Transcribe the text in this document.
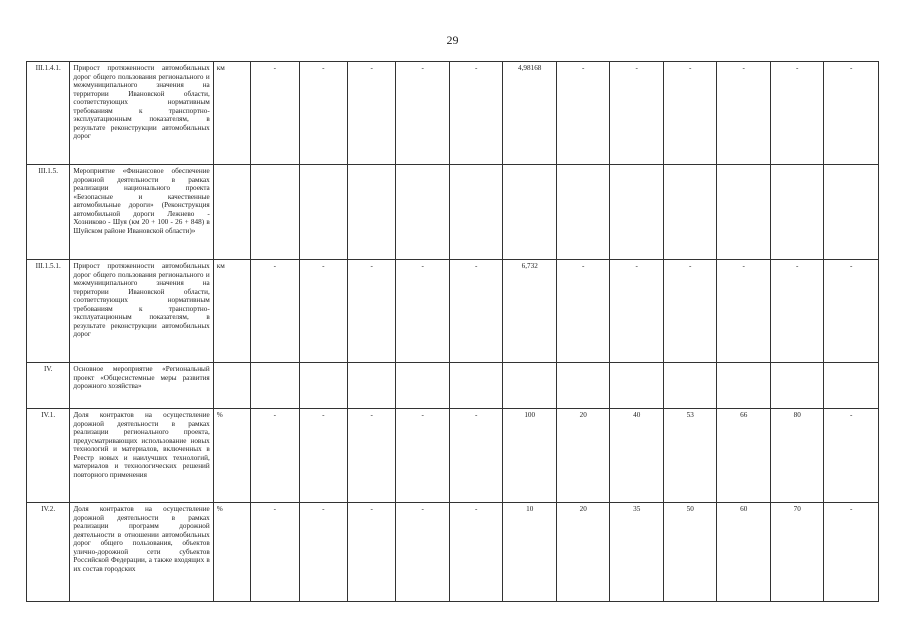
29
III.1.4.1.	Прирост протяженности автомобильных дорог общего пользования регионального и межмуниципального значения на территории Ивановской области, соответствующих нормативным требованиям к транспортно-эксплуатационным показателям, в результате реконструкции автомобильных дорог	км	-	-	-	-	-	4,98168	-	-	-	-	-	-
III.1.5.	Мероприятие «Финансовое обеспечение дорожной деятельности в рамках реализации национального проекта «Безопасные и качественные автомобильные дороги» (Реконструкция автомобильной дороги Лежнево - Хозниково - Шуя (км 20 + 100 - 26 + 848) в Шуйском районе Ивановской области)»													
III.1.5.1.	Прирост протяженности автомобильных дорог общего пользования регионального и межмуниципального значения на территории Ивановской области, соответствующих нормативным требованиям к транспортно-эксплуатационным показателям, в результате реконструкции автомобильных дорог	км	-	-	-	-	-	6,732	-	-	-	-	-	-
IV.	Основное мероприятие «Региональный проект «Общесистемные меры развития дорожного хозяйства»													
IV.1.	Доля контрактов на осуществление дорожной деятельности в рамках реализации регионального проекта, предусматривающих использование новых технологий и материалов, включенных в Реестр новых и наилучших технологий, материалов и технологических решений повторного применения	%	-	-	-	-	-	100	20	40	53	66	80	-
IV.2.	Доля контрактов на осуществление дорожной деятельности в рамках реализации программ дорожной деятельности в отношении автомобильных дорог общего пользования, объектов улично-дорожной сети субъектов Российской Федерации, а также входящих в их состав городских	%	-	-	-	-	-	10	20	35	50	60	70	-
